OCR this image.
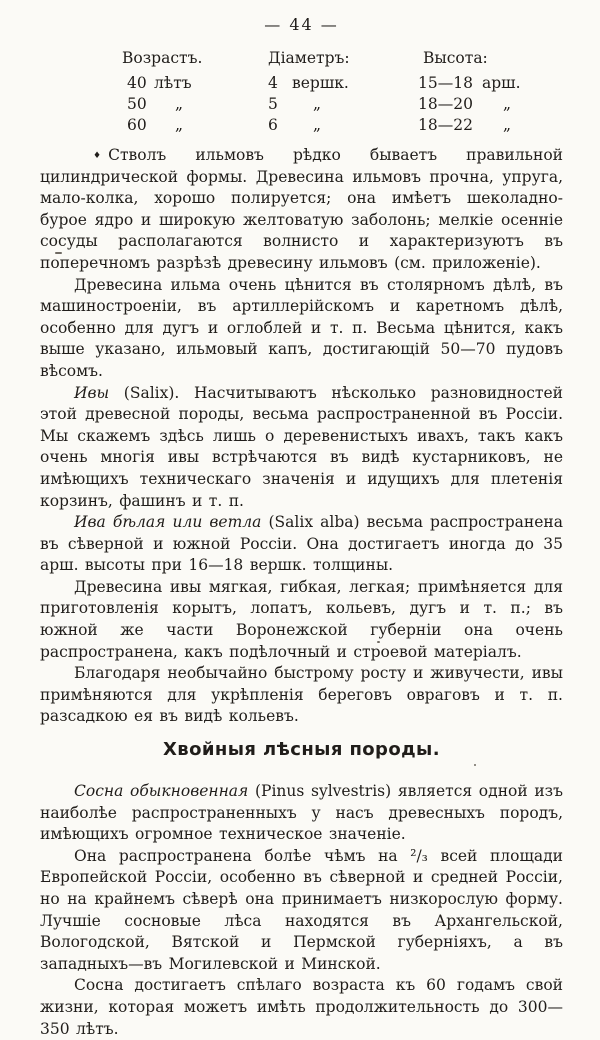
— 44 —
Возрастъ.	Діаметръ:	Высота:
40 лѣтъ	4 вершк.	15—18 арш.
50 „	5 „	18—20 „
60 „	6 „	18—22 „

♦ Стволъ ильмовъ рѣдко бываетъ правильной цилиндрической формы. Древесина ильмовъ прочна, упруга, мало-колка, хорошо полируется; она имѣетъ шеколадно-бурое ядро и широкую желтоватую заболонь; мелкіе осенніе сосуды располагаются волнисто и характеризуютъ въ поперечномъ разрѣзѣ древесину ильмовъ (см. приложеніе).

Древесина ильма очень цѣнится въ столярномъ дѣлѣ, въ машиностроеніи, въ артиллерійскомъ и каретномъ дѣлѣ, особенно для дугъ и оглоблей и т. п. Весьма цѣнится, какъ выше указано, ильмовый капъ, достигающій 50—70 пудовъ вѣсомъ.

Ивы (Salix). Насчитываютъ нѣсколько разновидностей этой древесной породы, весьма распространенной въ Россіи. Мы скажемъ здѣсь лишь о деревенистыхъ ивахъ, такъ какъ очень многія ивы встрѣчаются въ видѣ кустарниковъ, не имѣющихъ техническаго значенія и идущихъ для плетенія корзинъ, фашинъ и т. п.

Ива бѣлая или ветла (Salix alba) весьма распространена въ сѣверной и южной Россіи. Она достигаетъ иногда до 35 арш. высоты при 16—18 вершк. толщины.

Древесина ивы мягкая, гибкая, легкая; примѣняется для приготовленія корытъ, лопатъ, кольевъ, дугъ и т. п.; въ южной же части Воронежской губерніи она очень распространена, какъ подѣлочный и строевой матеріалъ.

Благодаря необычайно быстрому росту и живучести, ивы примѣняются для укрѣпленія береговъ овраговъ и т. п. разсадкою ея въ видѣ кольевъ.

Хвойныя лѣсныя породы.

Сосна обыкновенная (Pinus sylvestris) является одной изъ наиболѣе распространенныхъ у насъ древесныхъ породъ, имѣющихъ огромное техническое значеніе.

Она распространена болѣе чѣмъ на ²/₃ всей площади Европейской Россіи, особенно въ сѣверной и средней Россіи, но на крайнемъ сѣверѣ она принимаетъ низкорослую форму. Лучшіе сосновые лѣса находятся въ Архангельской, Вологодской, Вятской и Пермской губерніяхъ, а въ западныхъ—въ Могилевской и Минской.

Сосна достигаетъ спѣлаго возраста къ 60 годамъ свой жизни, которая можетъ имѣть продолжительность до 300—350 лѣтъ.
